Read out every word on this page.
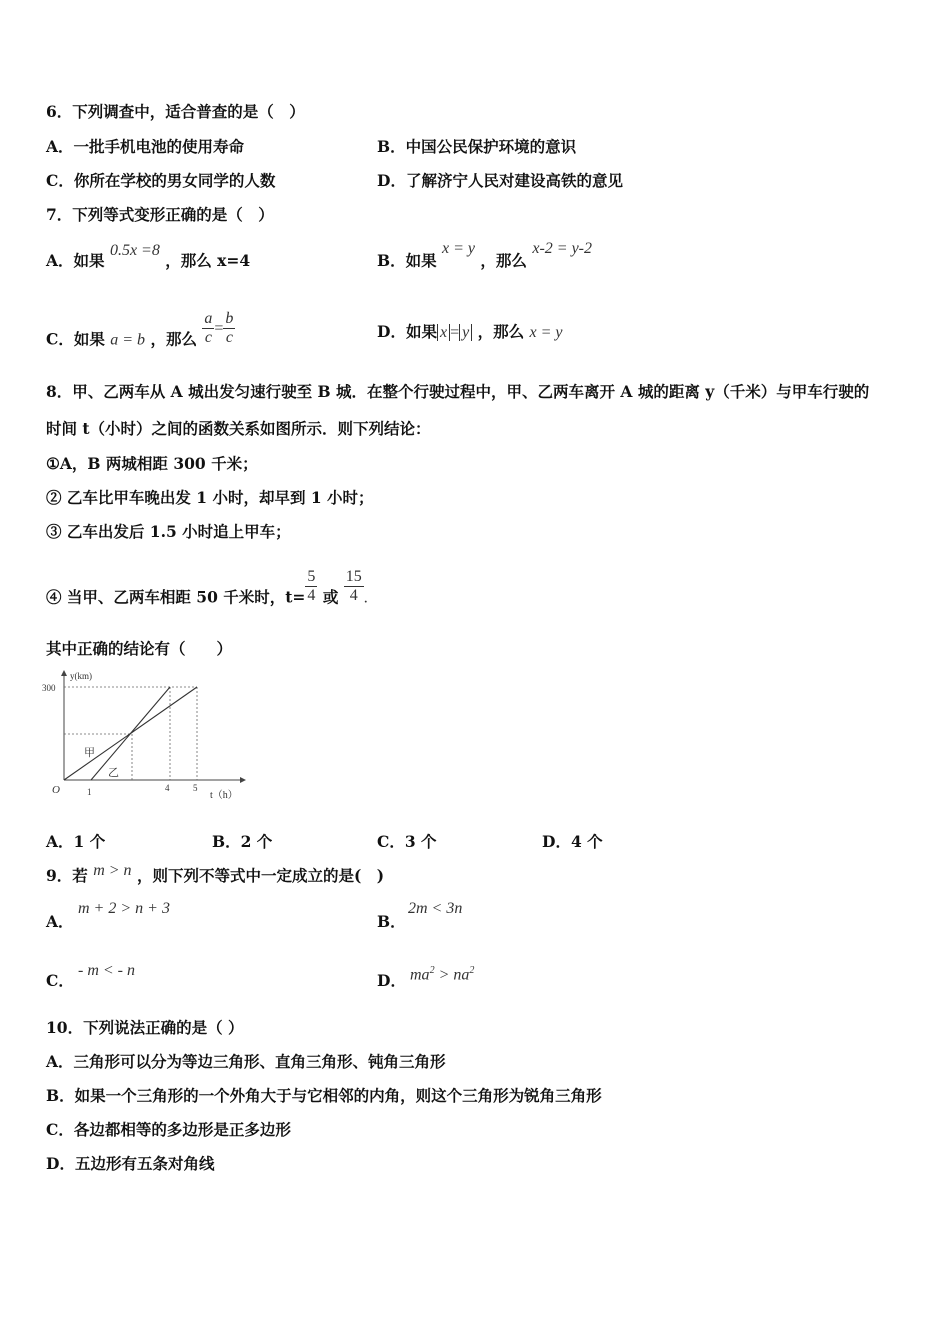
6．下列调查中，适合普查的是（　）
A．一批手机电池的使用寿命	B．中国公民保护环境的意识
C．你所在学校的男女同学的人数	D．了解济宁人民对建设高铁的意见
7．下列等式变形正确的是（　）
A．如果 0.5x =8 ，那么 x=4	B．如果 x = y ，那么 x-2 = y-2
C．如果 a = b ，那么 $\frac{a}{c} = \frac{b}{c}$	D．如果 x = y ，那么 x = y
8．甲、乙两车从 A 城出发匀速行驶至 B 城．在整个行驶过程中，甲、乙两车离开 A 城的距离 y（千米）与甲车行驶的
时间 t（小时）之间的函数关系如图所示．则下列结论：
①A，B 两城相距 300 千米；
② 乙车比甲车晚出发 1 小时，却早到 1 小时；
③ 乙车出发后 1.5 小时追上甲车；
④ 当甲、乙两车相距 50 千米时，$t= \frac{5}{4}$ 或 $\frac{15}{4}$ .
其中正确的结论有（　　）
y(km)
300
O	1	4	5
t（h）
甲
乙
A．1 个	B．2 个	C．3 个	D．4 个
9．若 m > n ，则下列不等式中一定成立的是(　)
A．
m + 2 > n + 3
B．
2m < 3n
C．
- m < - n
D． $ma^2 > na^2$
10．下列说法正确的是（ ）
A．三角形可以分为等边三角形、直角三角形、钝角三角形
B．如果一个三角形的一个外角大于与它相邻的内角，则这个三角形为锐角三角形
C．各边都相等的多边形是正多边形
D．五边形有五条对角线
